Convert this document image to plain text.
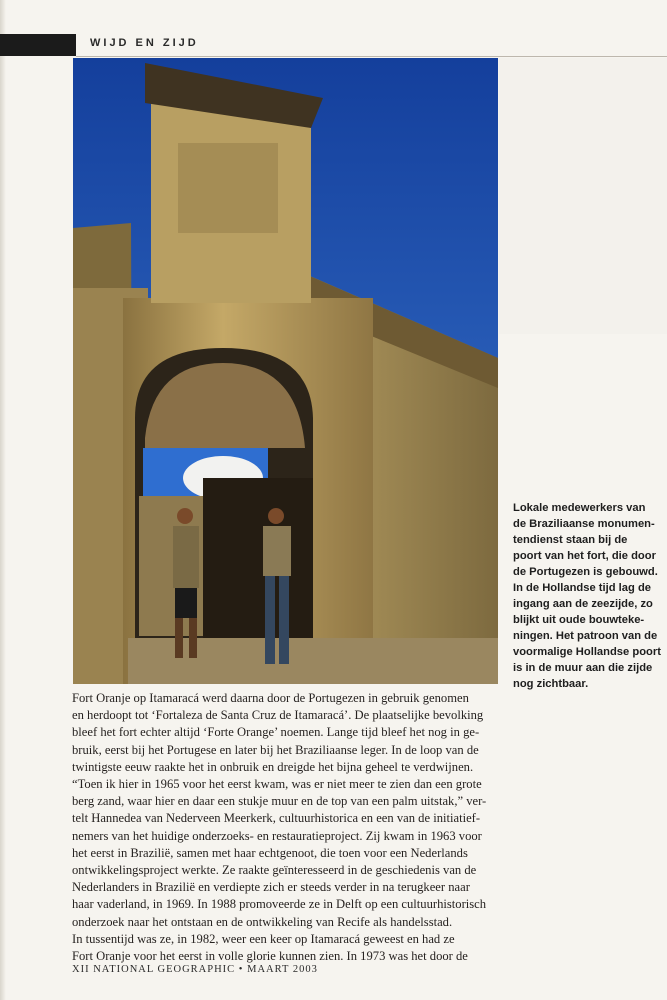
WIJD EN ZIJD
Lokale medewerkers van
de Braziliaanse monumen-
tendienst staan bij de
poort van het fort, die door
de Portugezen is gebouwd.
In de Hollandse tijd lag de
ingang aan de zeezijde, zo
blijkt uit oude bouwteke-
ningen. Het patroon van de
voormalige Hollandse poort
is in de muur aan die zijde
nog zichtbaar.
Fort Oranje op Itamaracá werd daarna door de Portugezen in gebruik genomen
en herdoopt tot ‘Fortaleza de Santa Cruz de Itamaracá’. De plaatselijke bevolking
bleef het fort echter altijd ‘Forte Orange’ noemen. Lange tijd bleef het nog in ge-
bruik, eerst bij het Portugese en later bij het Braziliaanse leger. In de loop van de
twintigste eeuw raakte het in onbruik en dreigde het bijna geheel te verdwijnen.
“Toen ik hier in 1965 voor het eerst kwam, was er niet meer te zien dan een grote
berg zand, waar hier en daar een stukje muur en de top van een palm uitstak,” ver-
telt Hannedea van Nederveen Meerkerk, cultuurhistorica en een van de initiatief-
nemers van het huidige onderzoeks- en restauratieproject. Zij kwam in 1963 voor
het eerst in Brazilië, samen met haar echtgenoot, die toen voor een Nederlands
ontwikkelingsproject werkte. Ze raakte geïnteresseerd in de geschiedenis van de
Nederlanders in Brazilië en verdiepte zich er steeds verder in na terugkeer naar
haar vaderland, in 1969. In 1988 promoveerde ze in Delft op een cultuurhistorisch
onderzoek naar het ontstaan en de ontwikkeling van Recife als handelsstad.
In tussentijd was ze, in 1982, weer een keer op Itamaracá geweest en had ze
Fort Oranje voor het eerst in volle glorie kunnen zien. In 1973 was het door de
XII NATIONAL GEOGRAPHIC • MAART 2003
